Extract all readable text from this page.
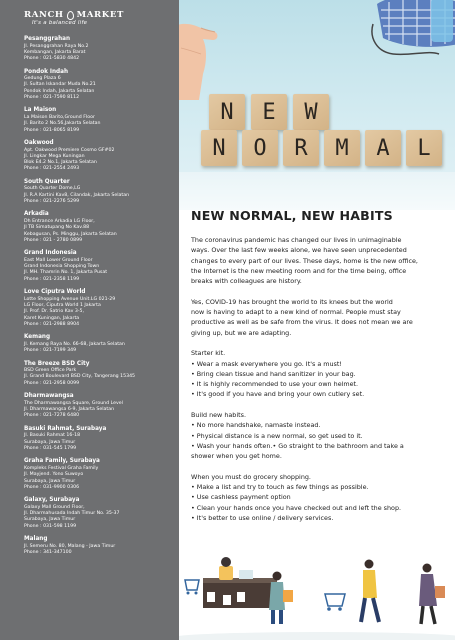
RANCH MARKET
It's a balanced life
Pesanggrahan
Jl. Pesanggrahan Raya No.2
Kembangan, Jakarta Barat
Phone : 021-5830 4842
Pondok Indah
Gedung Plaza 6
Jl. Sultan Iskandar Muda No.21
Pondok Indah, Jakarta Selatan
Phone : 021-7590 8112
La Maison
La Maison Barito,Ground Floor
Jl. Barito 2 No.56,Jakarta Selatan
Phone : 021-8065 8199
Oakwood
Apt. Oakwood Premiere Cosmo GF#02
Jl. Lingkar Mega Kuningan
Blok E4.2 No.1, Jakarta Selatan
Phone : 021-2554 2493
South Quarter
South Quarter Dome,LG
Jl. R.A Kartini Kav8, Cilandak, Jakarta Selatan
Phone : 021-2276 5299
Arkadia
Dh Entrance Arkadia LG Floor,
Jl TB Simatupang No Kav.88
Kebagusan, Ps. Minggu, Jakarta Selatan
Phone : 021 - 2780 0899
Grand Indonesia
East Mall Lower Ground Floor
Grand Indonesia Shopping Town
Jl. MH. Thamrin No. 1, Jakarta Pusat
Phone : 021-2358 1199
Love Ciputra World
Lotte Shopping Avenue Unit.LG 021-29
LG Floor, Ciputra World 1 Jakarta
Jl. Prof. Dr. Satrio Kav 3-5,
Karet Kuningan, Jakarta
Phone : 021-2988 8904
Kemang
Jl. Kemang Raya No. 66-68, Jakarta Selatan
Phone : 021-7199 349
The Breeze BSD City
BSD Green Office Park
Jl. Grand Boulevard BSD City, Tangerang 15345
Phone : 021-2958 0099
Dharmawangsa
The Dharmawangsa Square, Ground Level
Jl. Dharmawangsa 6-9, Jakarta Selatan
Phone : 021-7278 6480
Basuki Rahmat, Surabaya
Jl. Basuki Rahmat 16-18
Surabaya, Jawa Timur
Phone : 031-545 1799
Graha Family, Surabaya
Kompleks Festival Graha Family
Jl. Mayjend. Yono Suwoyo
Surabaya, Jawa Timur
Phone : 031-9900 0306
Galaxy, Surabaya
Galaxy Mall Ground Floor,
Jl. Dharmahusada Indah Timur No. 35-37
Surabaya, Jawa Timur
Phone : 031-598 1199
Malang
Jl. Semeru No. 80, Malang - Jawa Timur
Phone : 341-347100
N	E	W
N	O	R	M	A	L
NEW NORMAL, NEW HABITS

The coronavirus pandemic has changed our lives in unimaginable

ways. Over the last few weeks alone, we have seen unprecedented

changes to every part of our lives. These days, home is the new office,

the Internet is the new meeting room and for the time being, office

breaks with colleagues are history.

Yes, COVID-19 has brought the world to its knees but the world

now is having to adapt to a new kind of normal. People must stay

productive as well as be safe from the virus. It does not mean we are

giving up, but we are adapting.

Starter kit.

• Wear a mask everywhere you go. It's a must!

• Bring clean tissue and hand sanitizer in your bag.

• It is highly recommended to use your own helmet.

• It's good if you have and bring your own cutlery set.

Build new habits.

• No more handshake, namaste instead.

• Physical distance is a new normal, so get used to it.

• Wash your hands often.• Go straight to the bathroom and take a

shower when you get home.

When you must do grocery shopping.

• Make a list and try to touch as few things as possible.

• Use cashless payment option

• Clean your hands once you have checked out and left the shop.

• It's better to use online / delivery services.
